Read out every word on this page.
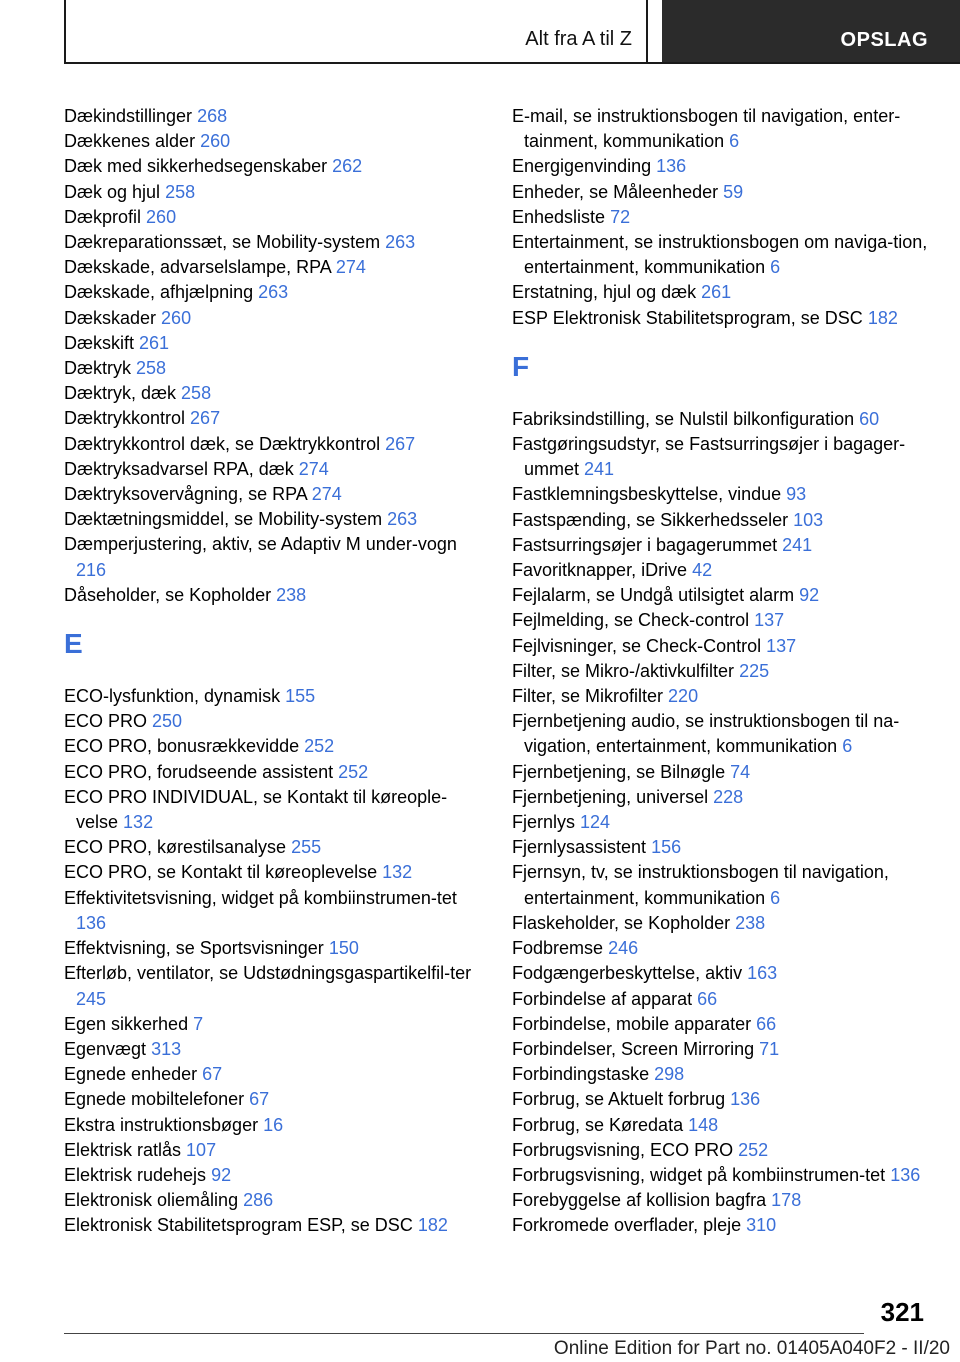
Alt fra A til Z	OPSLAG
Dækindstillinger 268
Dækkenes alder 260
Dæk med sikkerhedsegenskaber 262
Dæk og hjul 258
Dækprofil 260
Dækreparationssæt, se Mobility-system 263
Dækskade, advarselslampe, RPA 274
Dækskade, afhjælpning 263
Dækskader 260
Dækskift 261
Dæktryk 258
Dæktryk, dæk 258
Dæktrykkontrol 267
Dæktrykkontrol dæk, se Dæktrykkontrol 267
Dæktryksadvarsel RPA, dæk 274
Dæktryksovervågning, se RPA 274
Dæktætningsmiddel, se Mobility-system 263
Dæmperjustering, aktiv, se Adaptiv M under-vogn 216
Dåseholder, se Kopholder 238
E
ECO-lysfunktion, dynamisk 155
ECO PRO 250
ECO PRO, bonusrækkevidde 252
ECO PRO, forudseende assistent 252
ECO PRO INDIVIDUAL, se Kontakt til køreople-velse 132
ECO PRO, kørestilsanalyse 255
ECO PRO, se Kontakt til køreoplevelse 132
Effektivitetsvisning, widget på kombiinstrumen-tet 136
Effektvisning, se Sportsvisninger 150
Efterløb, ventilator, se Udstødningsgaspartikelfil-ter 245
Egen sikkerhed 7
Egenvægt 313
Egnede enheder 67
Egnede mobiltelefoner 67
Ekstra instruktionsbøger 16
Elektrisk ratlås 107
Elektrisk rudehejs 92
Elektronisk oliemåling 286
Elektronisk Stabilitetsprogram ESP, se DSC 182
E-mail, se instruktionsbogen til navigation, enter-tainment, kommunikation 6
Energigenvinding 136
Enheder, se Måleenheder 59
Enhedsliste 72
Entertainment, se instruktionsbogen om naviga-tion, entertainment, kommunikation 6
Erstatning, hjul og dæk 261
ESP Elektronisk Stabilitetsprogram, se DSC 182
F
Fabriksindstilling, se Nulstil bilkonfiguration 60
Fastgøringsudstyr, se Fastsurringsøjer i bagager-ummet 241
Fastklemningsbeskyttelse, vindue 93
Fastspænding, se Sikkerhedsseler 103
Fastsurringsøjer i bagagerummet 241
Favoritknapper, iDrive 42
Fejlalarm, se Undgå utilsigtet alarm 92
Fejlmelding, se Check-control 137
Fejlvisninger, se Check-Control 137
Filter, se Mikro-/aktivkulfilter 225
Filter, se Mikrofilter 220
Fjernbetjening audio, se instruktionsbogen til na-vigation, entertainment, kommunikation 6
Fjernbetjening, se Bilnøgle 74
Fjernbetjening, universel 228
Fjernlys 124
Fjernlysassistent 156
Fjernsyn, tv, se instruktionsbogen til navigation, entertainment, kommunikation 6
Flaskeholder, se Kopholder 238
Fodbremse 246
Fodgængerbeskyttelse, aktiv 163
Forbindelse af apparat 66
Forbindelse, mobile apparater 66
Forbindelser, Screen Mirroring 71
Forbindingstaske 298
Forbrug, se Aktuelt forbrug 136
Forbrug, se Køredata 148
Forbrugsvisning, ECO PRO 252
Forbrugsvisning, widget på kombiinstrumen-tet 136
Forebyggelse af kollision bagfra 178
Forkromede overflader, pleje 310
321
Online Edition for Part no. 01405A040F2 - II/20
